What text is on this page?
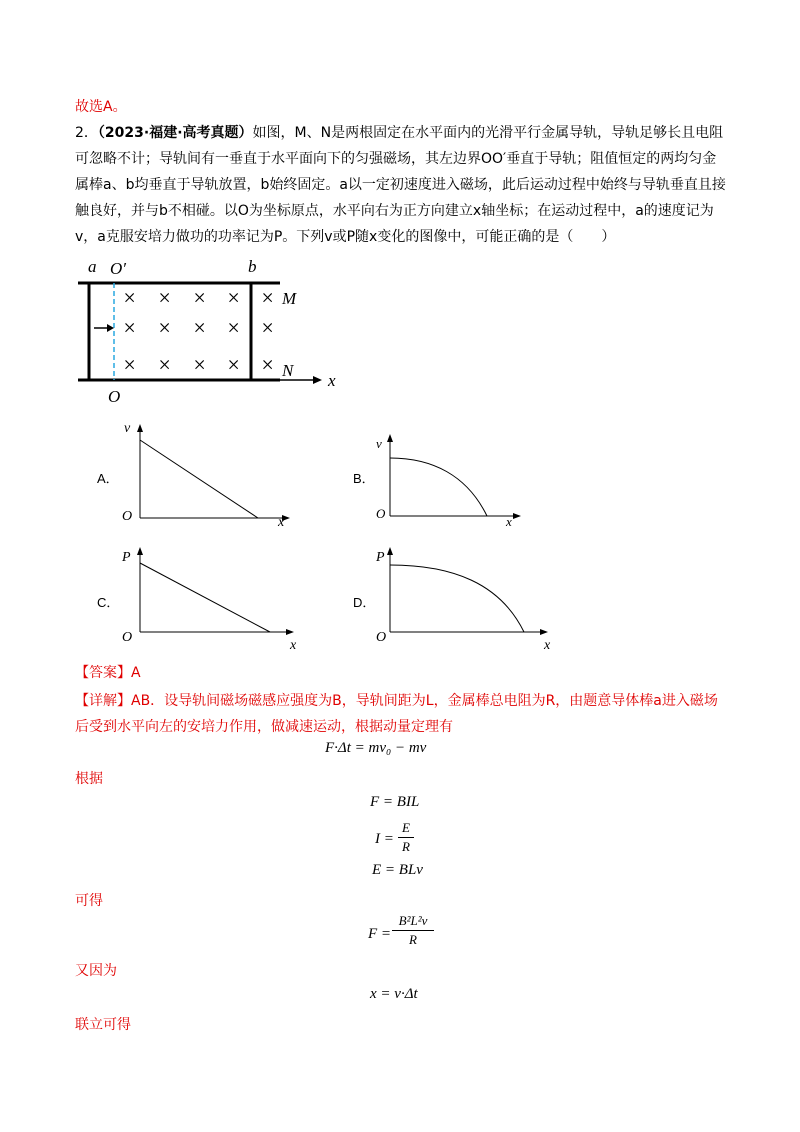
故选A。
2．（2023·福建·高考真题）如图，M、N是两根固定在水平面内的光滑平行金属导轨，导轨足够长且电阻可忽略不计；导轨间有一垂直于水平面向下的匀强磁场，其左边界OO′垂直于导轨；阻值恒定的两均匀金属棒a、b均垂直于导轨放置，b始终固定。a以一定初速度进入磁场，此后运动过程中始终与导轨垂直且接触良好，并与b不相碰。以O为坐标原点，水平向右为正方向建立x轴坐标；在运动过程中，a的速度记为v，a克服安培力做功的功率记为P。下列v或P随x变化的图像中，可能正确的是（　　）
a O′	b
x
M
N
O
× × × × ×
× × × × ×
× × × × ×
A．
v
O	x
B．
v
O
x
C．
P
O
x
D．
P
O
x
【答案】A
【详解】AB．设导轨间磁场磁感应强度为B，导轨间距为L，金属棒总电阻为R，由题意导体棒a进入磁场后受到水平向左的安培力作用，做减速运动，根据动量定理有
F·Δt = mv₀ − mv
根据
F = BIL
I =
E
R
E = BLv
可得
F =
B²L²v
R
又因为
x = v·Δt
联立可得
